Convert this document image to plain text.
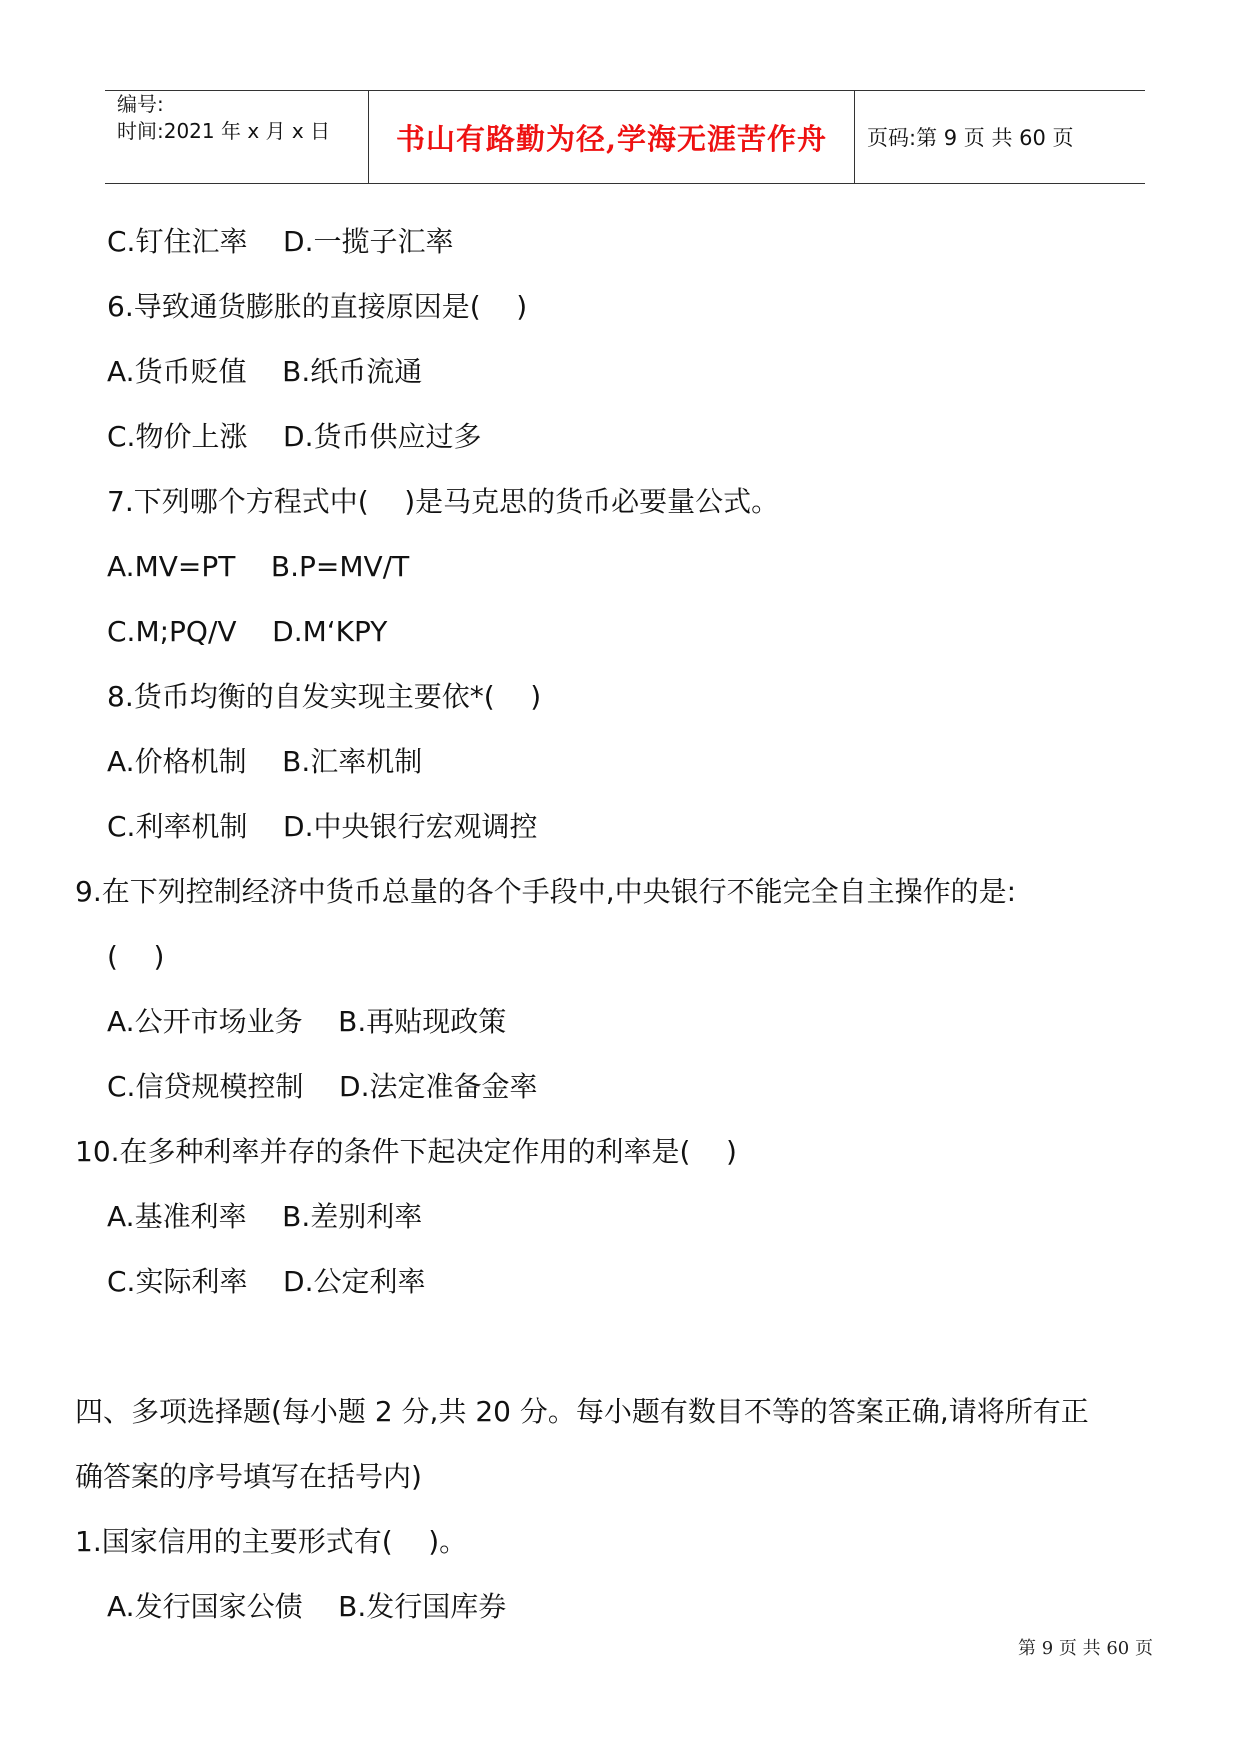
编号:
时间:2021 年 x 月 x 日	书山有路勤为径,学海无涯苦作舟	页码:第 9 页 共 60 页
C.钉住汇率    D.一揽子汇率
6.导致通货膨胀的直接原因是(    )
A.货币贬值    B.纸币流通
C.物价上涨    D.货币供应过多
7.下列哪个方程式中(    )是马克思的货币必要量公式。
A.MV=PT    B.P=MV/T
C.M;PQ/V    D.M‘KPY
8.货币均衡的自发实现主要依*(    )
A.价格机制    B.汇率机制
C.利率机制    D.中央银行宏观调控
9.在下列控制经济中货币总量的各个手段中,中央银行不能完全自主操作的是:
(    )
A.公开市场业务    B.再贴现政策
C.信贷规模控制    D.法定准备金率
10.在多种利率并存的条件下起决定作用的利率是(    )
A.基准利率    B.差别利率
C.实际利率    D.公定利率
四、多项选择题(每小题 2 分,共 20 分。每小题有数目不等的答案正确,请将所有正
确答案的序号填写在括号内)
1.国家信用的主要形式有(    )。
A.发行国家公债    B.发行国库券
第 9 页 共 60 页
